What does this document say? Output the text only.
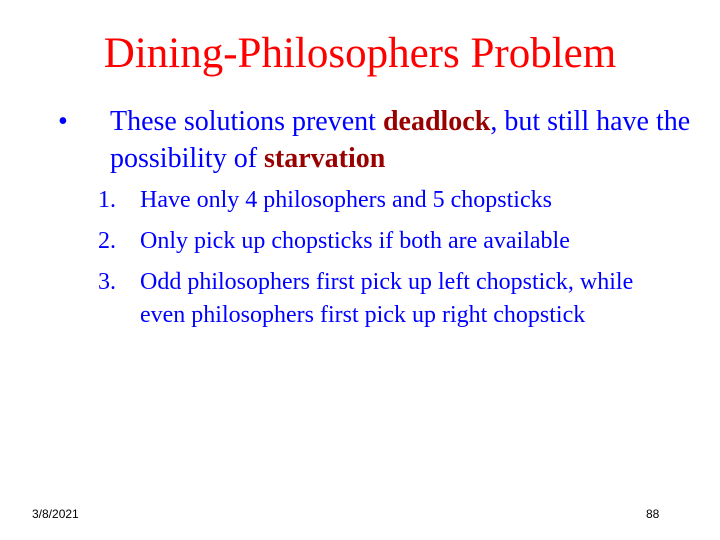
Dining-Philosophers Problem
•	These solutions prevent deadlock, but still have the possibility of starvation
1.	Have only 4 philosophers and 5 chopsticks
2.	Only pick up chopsticks if both are available
3.	Odd philosophers first pick up left chopstick, while even philosophers first pick up right chopstick
3/8/2021	88
